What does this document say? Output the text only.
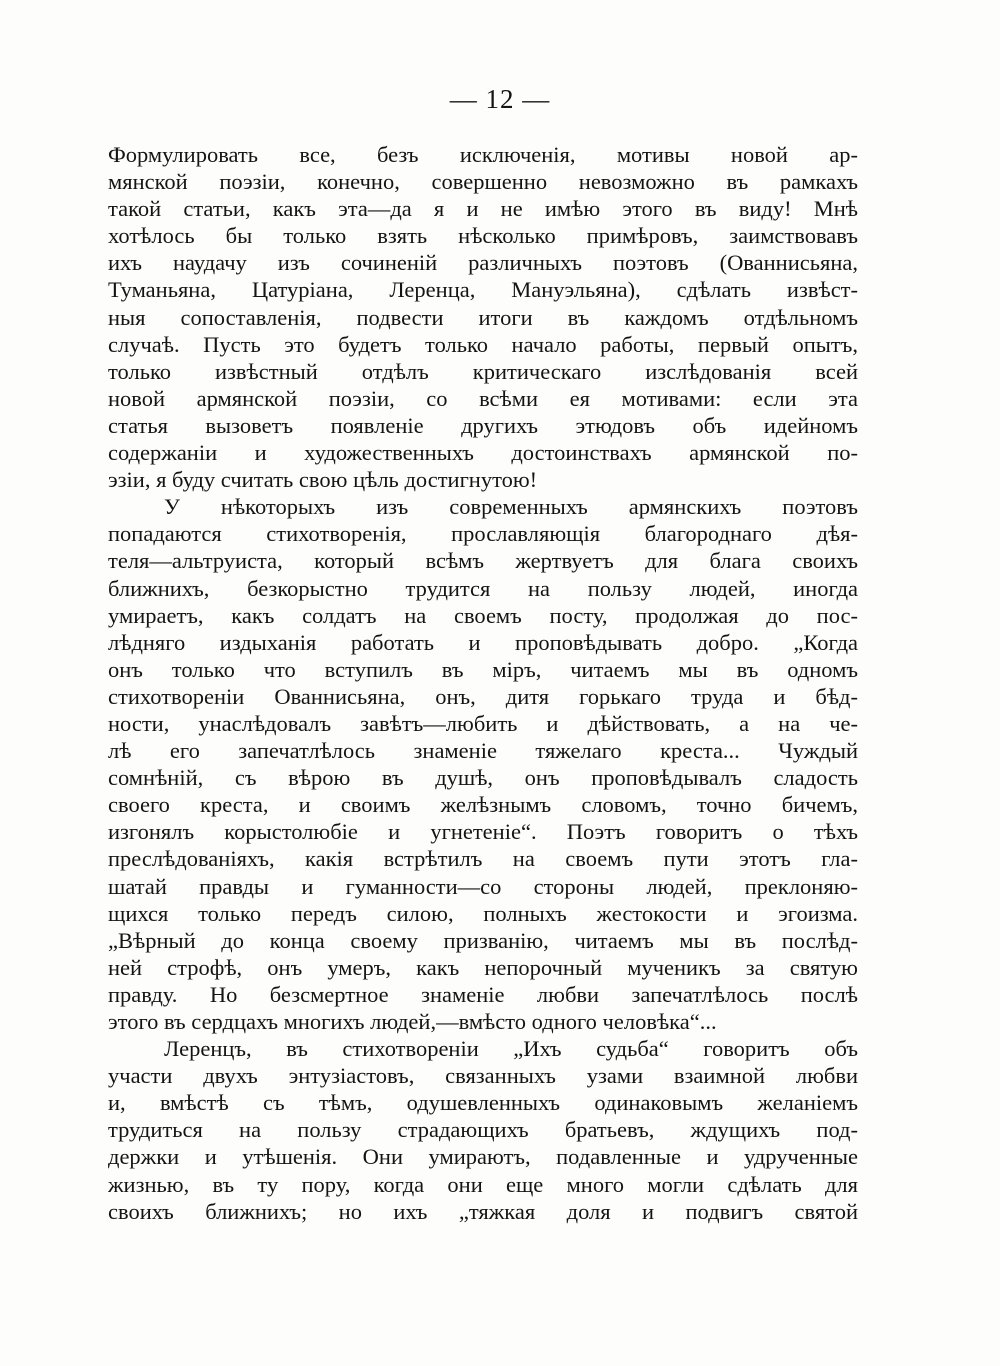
— 12 —
Формулировать все, безъ исключенія, мотивы новой ар-
мянской поэзіи, конечно, совершенно невозможно въ рамкахъ
такой статьи, какъ эта—да я и не имѣю этого въ виду! Мнѣ
хотѣлось бы только взять нѣсколько примѣровъ, заимствовавъ
ихъ наудачу изъ сочиненій различныхъ поэтовъ (Ованнисьяна,
Туманьяна, Цатуріана, Леренца, Мануэльяна), сдѣлать извѣст-
ныя сопоставленія, подвести итоги въ каждомъ отдѣльномъ
случаѣ. Пусть это будетъ только начало работы, первый опытъ,
только извѣстный отдѣлъ критическаго изслѣдованія всей
новой армянской поэзіи, со всѣми ея мотивами: если эта
статья вызоветъ появленіе другихъ этюдовъ объ идейномъ
содержаніи и художественныхъ достоинствахъ армянской по-
эзіи, я буду считать свою цѣль достигнутою!
У нѣкоторыхъ изъ современныхъ армянскихъ поэтовъ
попадаются стихотворенія, прославляющія благороднаго дѣя-
теля—альтруиста, который всѣмъ жертвуетъ для блага своихъ
ближнихъ, безкорыстно трудится на пользу людей, иногда
умираетъ, какъ солдатъ на своемъ посту, продолжая до пос-
лѣдняго издыханія работать и проповѣдывать добро. „Когда
онъ только что вступилъ въ міръ, читаемъ мы въ одномъ
стихотвореніи Ованнисьяна, онъ, дитя горькаго труда и бѣд-
ности, унаслѣдовалъ завѣтъ—любить и дѣйствовать, а на че-
лѣ его запечатлѣлось знаменіе тяжелаго креста... Чуждый
сомнѣній, съ вѣрою въ душѣ, онъ проповѣдывалъ сладость
своего креста, и своимъ желѣзнымъ словомъ, точно бичемъ,
изгонялъ корыстолюбіе и угнетеніе“. Поэтъ говоритъ о тѣхъ
преслѣдованіяхъ, какія встрѣтилъ на своемъ пути этотъ гла-
шатай правды и гуманности—со стороны людей, преклоняю-
щихся только передъ силою, полныхъ жестокости и эгоизма.
„Вѣрный до конца своему призванію, читаемъ мы въ послѣд-
ней строфѣ, онъ умеръ, какъ непорочный мученикъ за святую
правду. Но безсмертное знаменіе любви запечатлѣлось послѣ
этого въ сердцахъ многихъ людей,—вмѣсто одного человѣка“...
Леренцъ, въ стихотвореніи „Ихъ судьба“ говоритъ объ
участи двухъ энтузіастовъ, связанныхъ узами взаимной любви
и, вмѣстѣ съ тѣмъ, одушевленныхъ одинаковымъ желаніемъ
трудиться на пользу страдающихъ братьевъ, ждущихъ под-
держки и утѣшенія. Они умираютъ, подавленные и удрученные
жизнью, въ ту пору, когда они еще много могли сдѣлать для
своихъ ближнихъ; но ихъ „тяжкая доля и подвигъ святой
